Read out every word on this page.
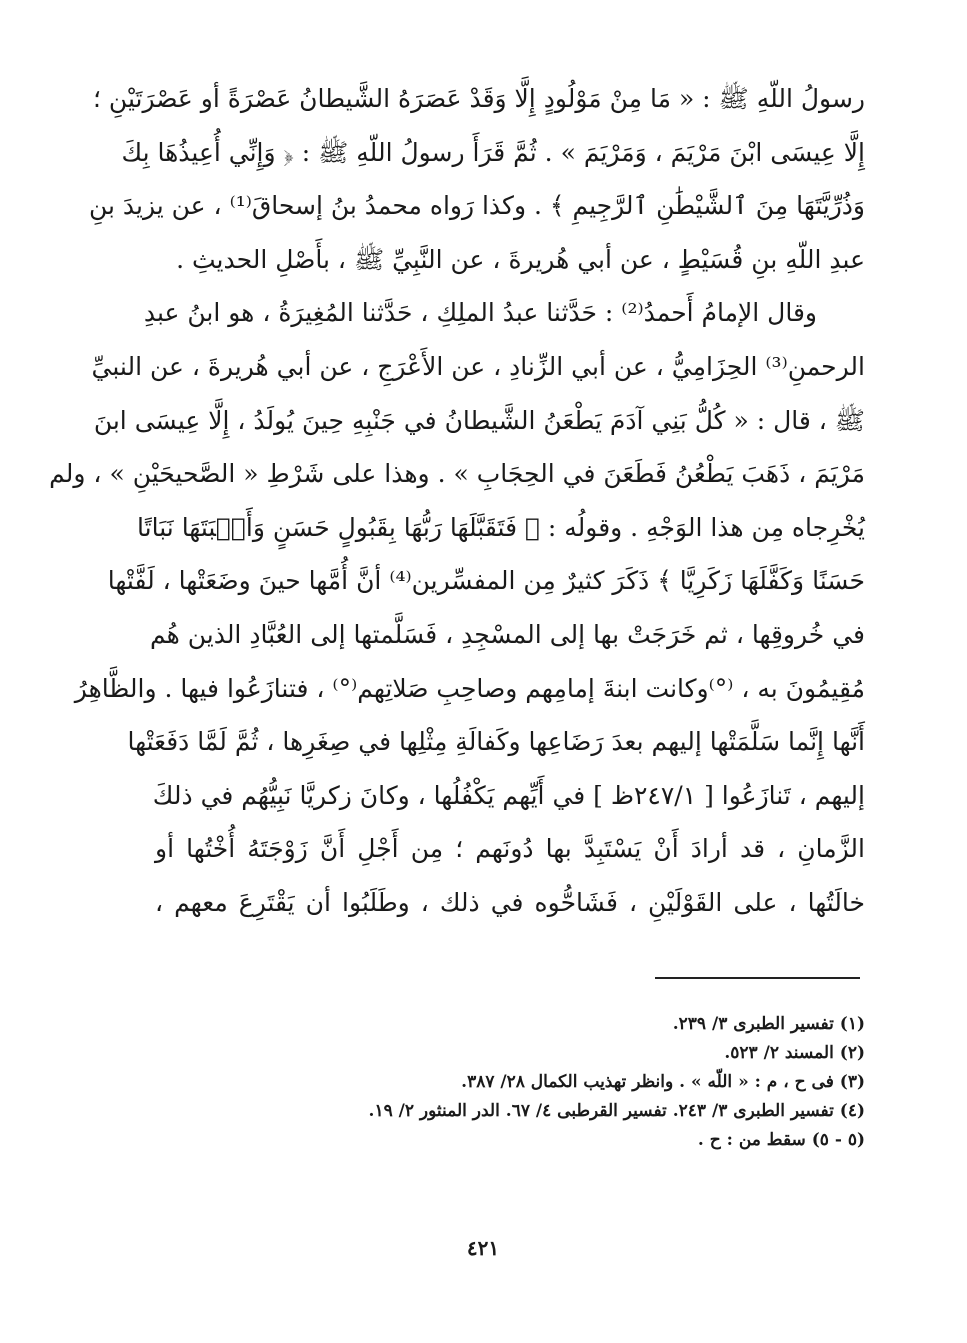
رسولُ اللّهِ ﷺ : « مَا مِنْ مَوْلُودٍ إِلَّا وَقَدْ عَصَرَهُ الشَّيطانُ عَصْرَةً أو عَصْرَتَيْنِ ؛
إِلَّا عِيسَى ابْنَ مَرْيَمَ ، وَمَرْيَمَ » . ثُمَّ قَرَأَ رسولُ اللّهِ ﷺ : ﴿ وَإِنِّي أُعِيذُهَا بِكَ
وَذُرِّيَّتَهَا مِنَ ٱلشَّيْطَٰنِ ٱلرَّجِيمِ ﴾ . وكذا رَواه محمدُ بنُ إسحاقَ⁽¹⁾ ، عن يزيدَ بنِ
عبدِ اللّهِ بنِ قُسَيْطٍ ، عن أبي هُريرةَ ، عن النَّبِيِّ ﷺ ، بأَصْلِ الحديثِ .
وقال الإمامُ أَحمدُ⁽²⁾ : حَدَّثنا عبدُ الملِكِ ، حَدَّثنا المُغِيرَةُ ، هو ابنُ عبدِ
الرحمنِ⁽³⁾ الحِزَامِيُّ ، عن أبي الزِّنادِ ، عن الأَعْرَجِ ، عن أبي هُريرةَ ، عن النبيِّ
ﷺ ، قال : « كُلُّ بَنِي آدَمَ يَطْعَنُ الشَّيطانُ في جَنْبِهِ حِينَ يُولَدُ ، إِلَّا عِيسَى ابنَ
مَرْيَمَ ، ذَهَبَ يَطْعُنُ فَطَعَنَ في الحِجَابِ » . وهذا على شَرْطِ « الصَّحيحَيْنِ » ، ولم
يُخْرِجاه مِن هذا الوَجْهِ . وقولُه : ﴿ فَتَقَبَّلَهَا رَبُّهَا بِقَبُولٍ حَسَنٍ وَأَنۢبَتَهَا نَبَاتًا
حَسَنًا وَكَفَّلَهَا زَكَرِيَّا ﴾ ذَكَرَ كثيرٌ مِن المفسِّرين⁽⁴⁾ أنَّ أُمَّها حينَ وضَعَتْها ، لَفَّتْها
في خُروقِها ، ثم خَرَجَتْ بها إلى المسْجِدِ ، فَسَلَّمتها إلى العُبَّادِ الذين هُم
مُقِيمُونَ به ، ⁽°⁾وكانت ابنةَ إمامِهم وصاحِبِ صَلاتِهم⁽°⁾ ، فتنازَعُوا فيها . والظَّاهِرُ
أَنَّها إِنَّما سَلَّمَتْها إليهم بعدَ رَضَاعِها وكَفالَةِ مِثْلِها في صِغَرِها ، ثُمَّ لَمَّا دَفَعَتْها
إليهم ، تَنازَعُوا [ ٢٤٧/١ظ ] في أَيِّهم يَكْفُلُها ، وكانَ زكريَّا نَبِيُّهُم في ذلكَ
الزَّمانِ ، قد أرادَ أَنْ يَسْتَبِدَّ بها دُونَهم ؛ مِن أَجْلِ أَنَّ زَوْجَتَهُ أُخْتُها أو
خالَتُها ، على القَوْلَيْنِ ، فَشَاحُّوه في ذلك ، وطَلَبُوا أن يَقْتَرِعَ معهم ،
(١) تفسير الطبرى ٣/ ٢٣٩.
(٢) المسند ٢/ ٥٢٣.
(٣) فى ح ، م : « اللّه » . وانظر تهذيب الكمال ٢٨/ ٣٨٧.
(٤) تفسير الطبرى ٣/ ٢٤٣. تفسير القرطبى ٤/ ٦٧. الدر المنثور ٢/ ١٩.
(٥ - ٥) سقط من : ح .
٤٢١
